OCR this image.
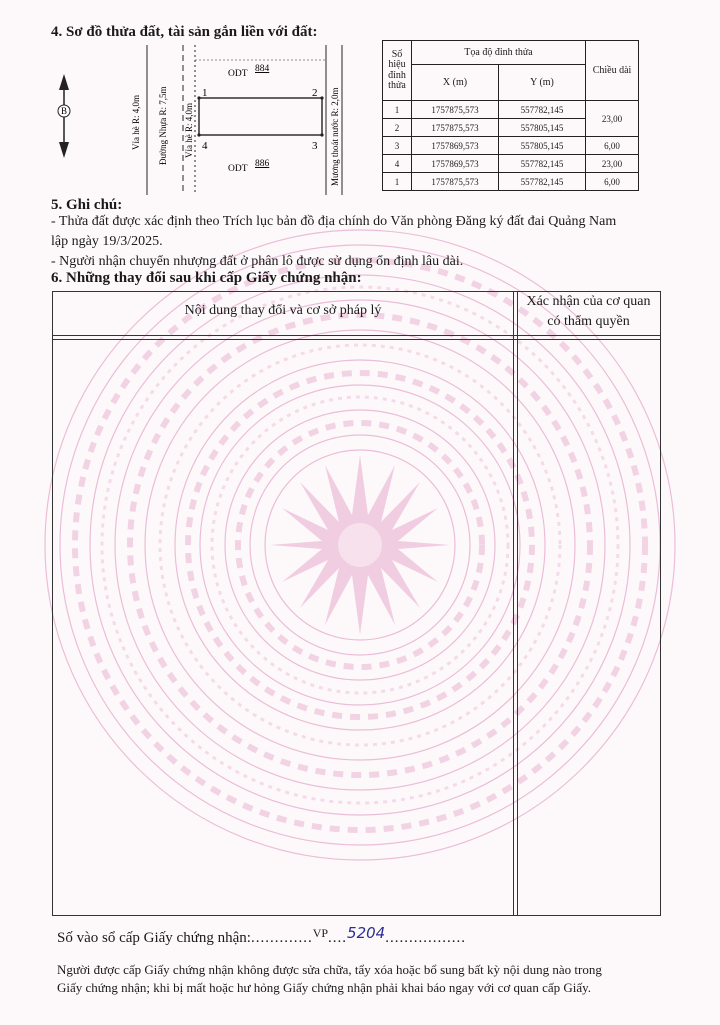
4. Sơ đồ thửa đất, tài sản gắn liền với đất:
B
1	2
3
4
ODT 884
ODT 886
Vỉa hè R: 4,0m Đường Nhựa R: 7,5m Vỉa hè R: 4,0m	Mương thoát nước R: 2,0m
Số hiệu đỉnh thửa	Tọa độ đỉnh thửa		Chiều dài
	X (m)	Y (m)	
1	1757875,573	557782,145	23,00
2	1757875,573	557805,145	
3	1757869,573	557805,145	6,00
4	1757869,573	557782,145	23,00
1	1757875,573	557782,145	6,00
5. Ghi chú:
- Thửa đất được xác định theo Trích lục bản đồ địa chính do Văn phòng Đăng ký đất đai Quảng Nam
lập ngày 19/3/2025.
- Người nhận chuyển nhượng đất ở phân lô được sử dụng ổn định lâu dài.
6. Những thay đổi sau khi cấp Giấy chứng nhận:
Nội dung thay đổi và cơ sở pháp lý
Xác nhận của cơ quan
có thẩm quyền
Số vào sổ cấp Giấy chứng nhận:.............$^{VP}$....5204.................
Người được cấp Giấy chứng nhận không được sửa chữa, tẩy xóa hoặc bổ sung bất kỳ nội dung nào trong
Giấy chứng nhận; khi bị mất hoặc hư hỏng Giấy chứng nhận phải khai báo ngay với cơ quan cấp Giấy.
